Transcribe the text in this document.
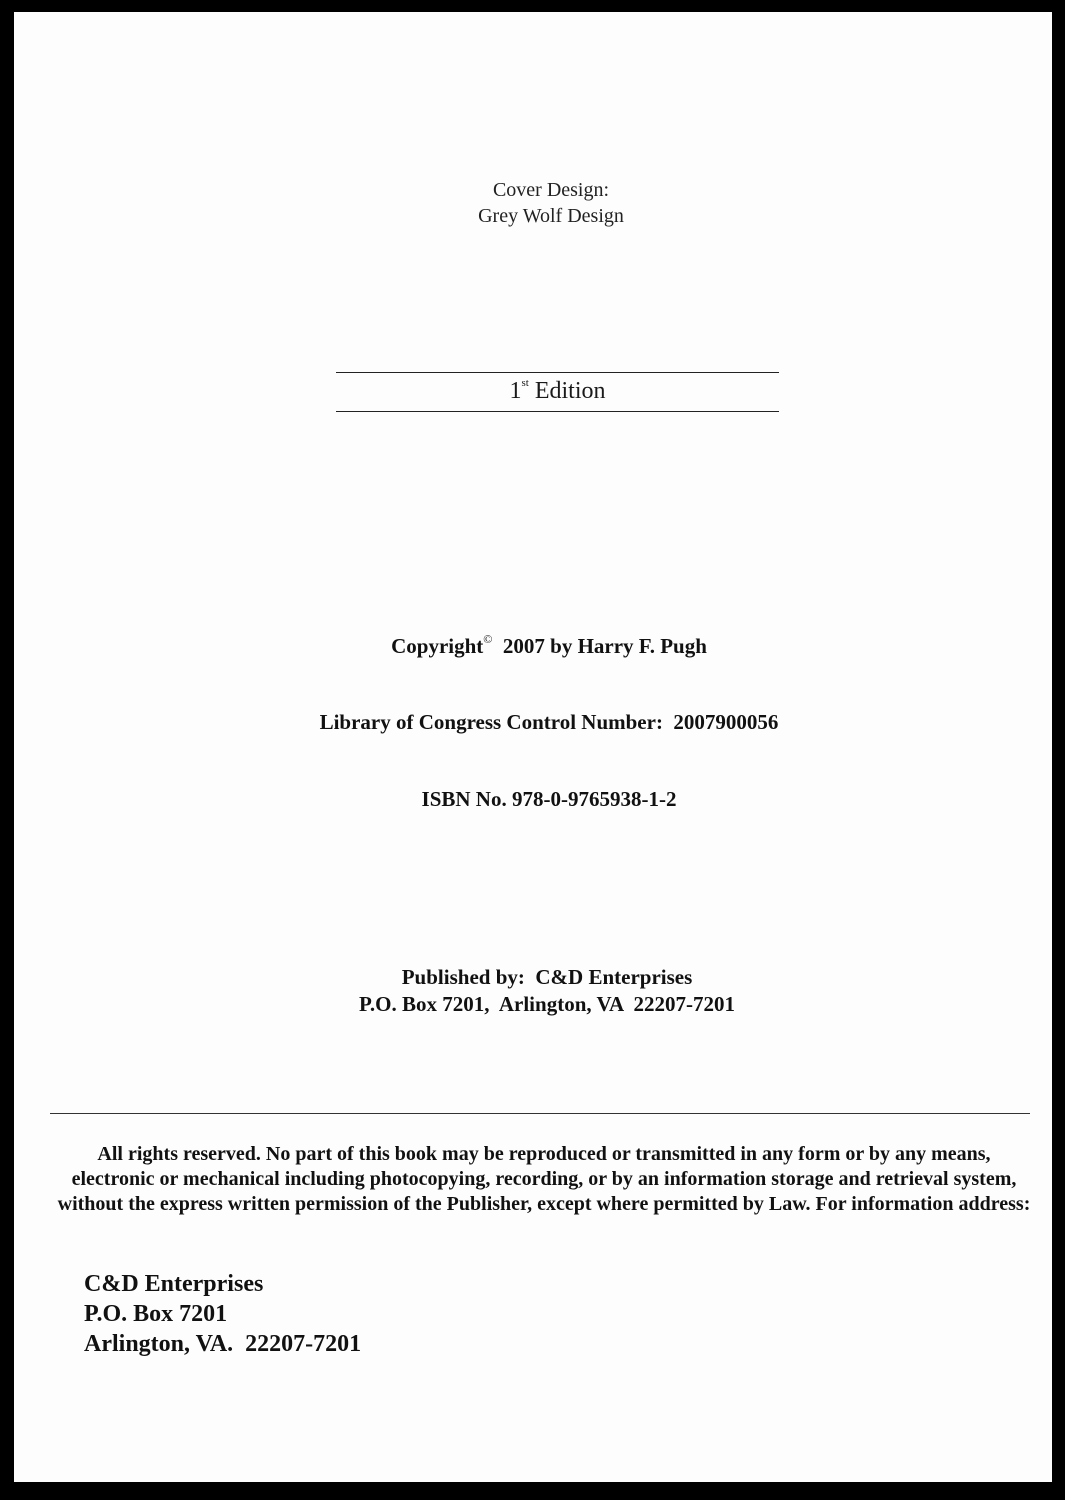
Cover Design:
Grey Wolf Design
1st Edition
Copyright© 2007 by Harry F. Pugh
Library of Congress Control Number:  2007900056
ISBN No. 978-0-9765938-1-2
Published by:  C&D Enterprises
P.O. Box 7201,  Arlington, VA  22207-7201
All rights reserved. No part of this book may be reproduced or transmitted in any form or by any means, electronic or mechanical including photocopying, recording, or by an information storage and retrieval system, without the express written permission of the Publisher, except where permitted by Law. For information address:
C&D Enterprises
P.O. Box 7201
Arlington, VA.  22207-7201
